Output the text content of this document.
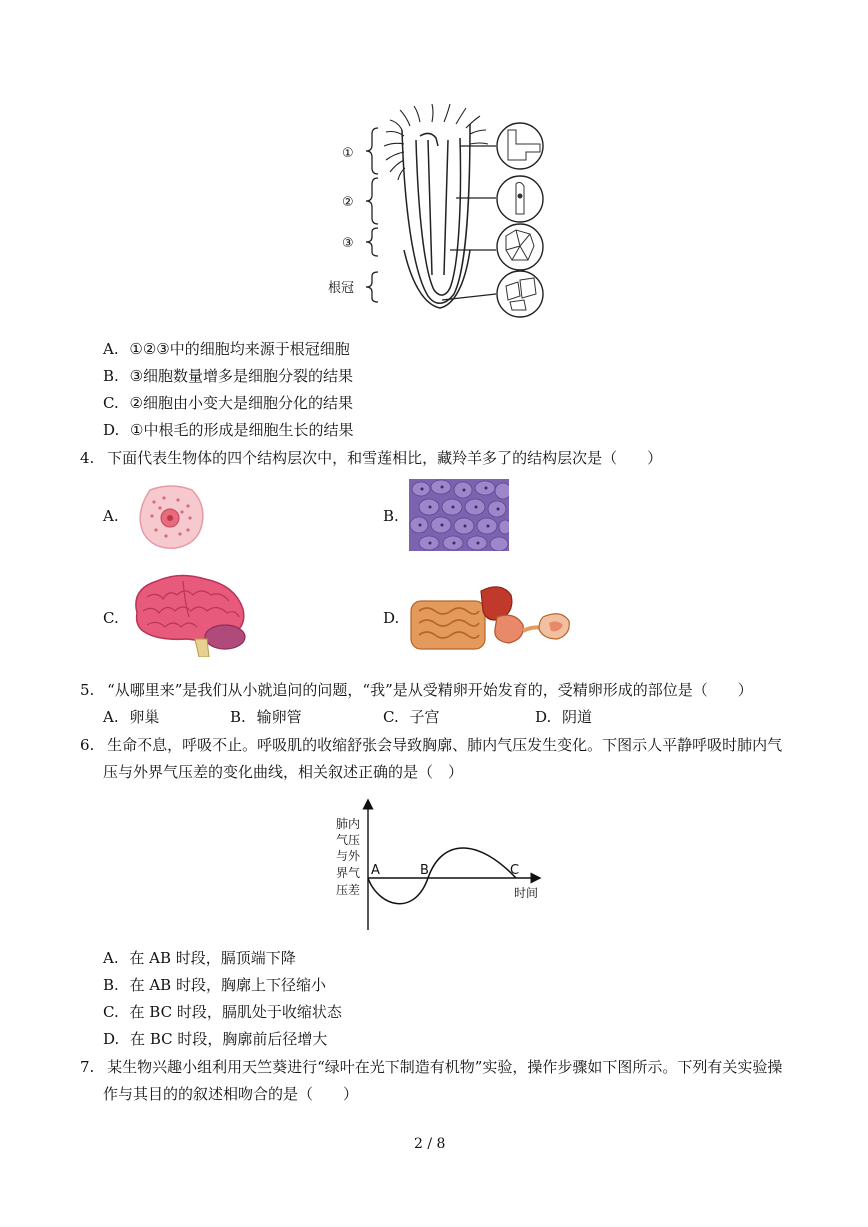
①
②
③
根冠
A. ①②③中的细胞均来源于根冠细胞
B. ③细胞数量增多是细胞分裂的结果
C. ②细胞由小变大是细胞分化的结果
D. ①中根毛的形成是细胞生长的结果
4. 下面代表生物体的四个结构层次中，和雪莲相比，藏羚羊多了的结构层次是（　　）
A.	B.
C.	D.
5. “从哪里来”是我们从小就追问的问题，“我”是从受精卵开始发育的，受精卵形成的部位是（　　）
A. 卵巢	B. 输卵管	C. 子宫	D. 阴道
6. 生命不息，呼吸不止。呼吸肌的收缩舒张会导致胸廓、肺内气压发生变化。下图示人平静呼吸时肺内气
压与外界气压差的变化曲线，相关叙述正确的是（　）
肺内
气压
与外
界气
压差
A	B	C
时间
A. 在 AB 时段，膈顶端下降
B. 在 AB 时段，胸廓上下径缩小
C. 在 BC 时段，膈肌处于收缩状态
D. 在 BC 时段，胸廓前后径增大
7. 某生物兴趣小组利用天竺葵进行“绿叶在光下制造有机物”实验，操作步骤如下图所示。下列有关实验操
作与其目的的叙述相吻合的是（　　）
2 / 8
